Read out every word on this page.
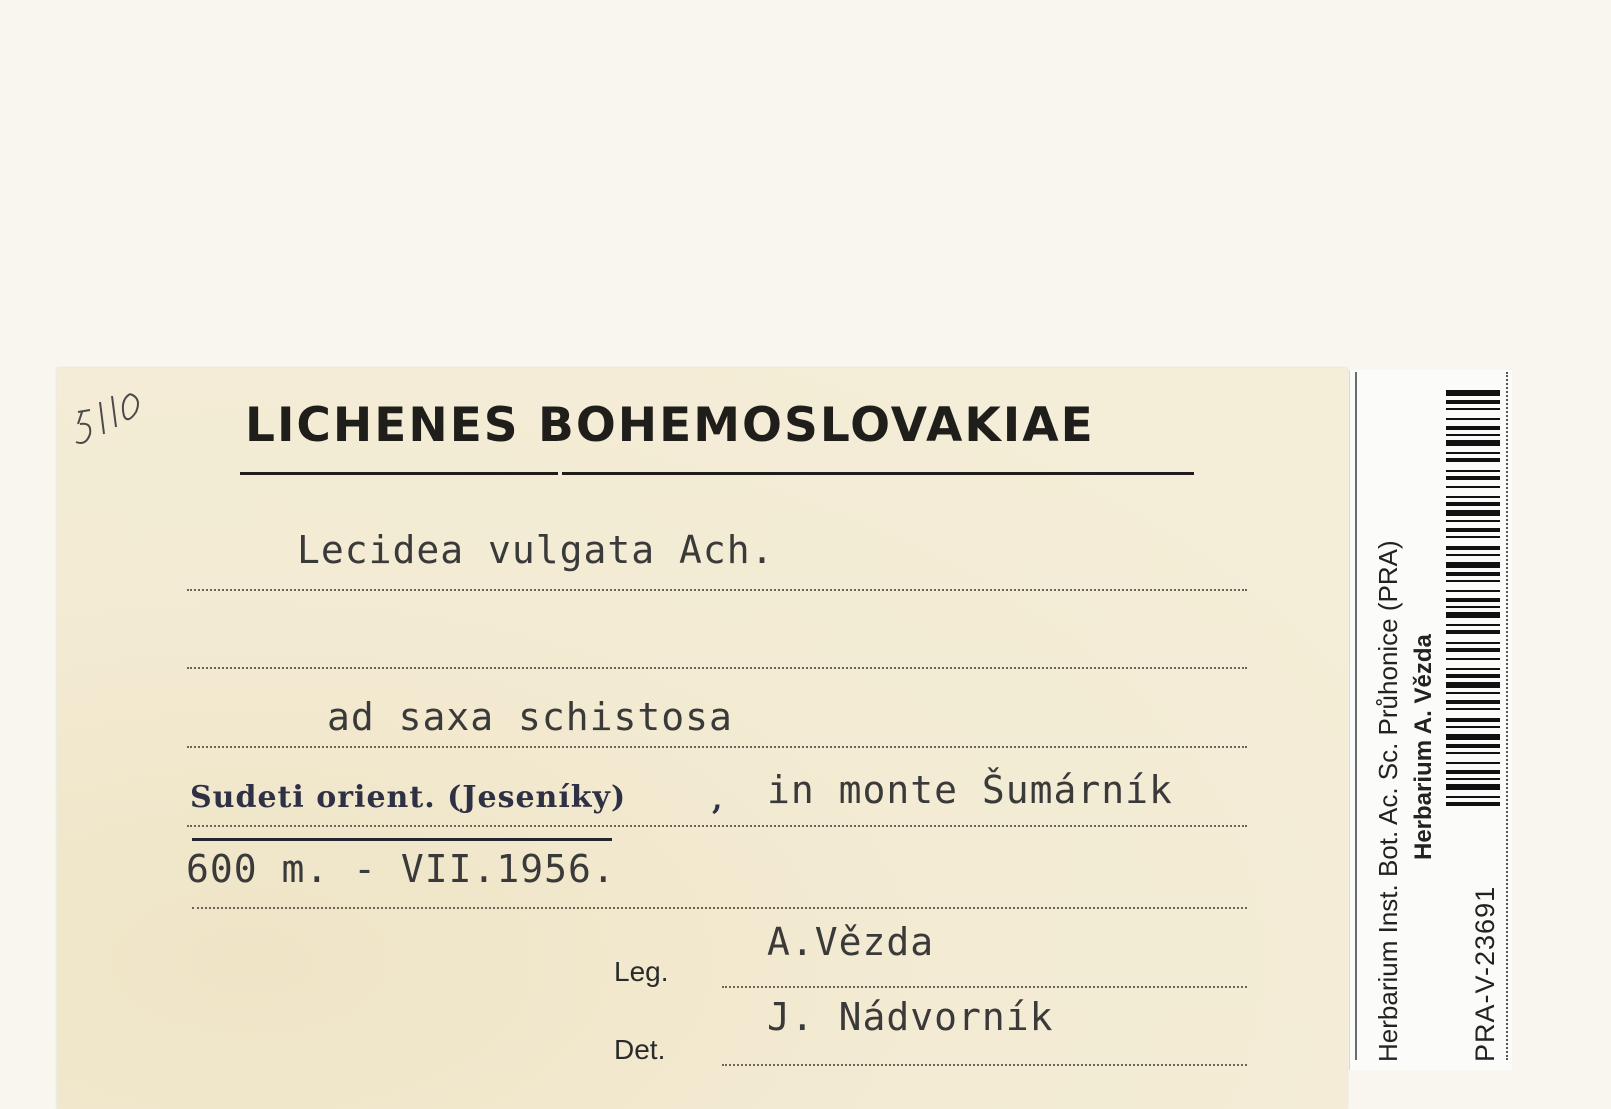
LICHENES BOHEMOSLOVAKIAE
Lecidea vulgata Ach.
ad saxa schistosa
Sudeti orient. (Jeseníky)	, in monte Šumárník
600 m. - VII.1956.
Leg.
A.Vězda
Det.
J. Nádvorník	Herbarium Inst. Bot. Ac. Sc. Průhonice (PRA) Herbarium A. Vězda
PRA-V-23691
